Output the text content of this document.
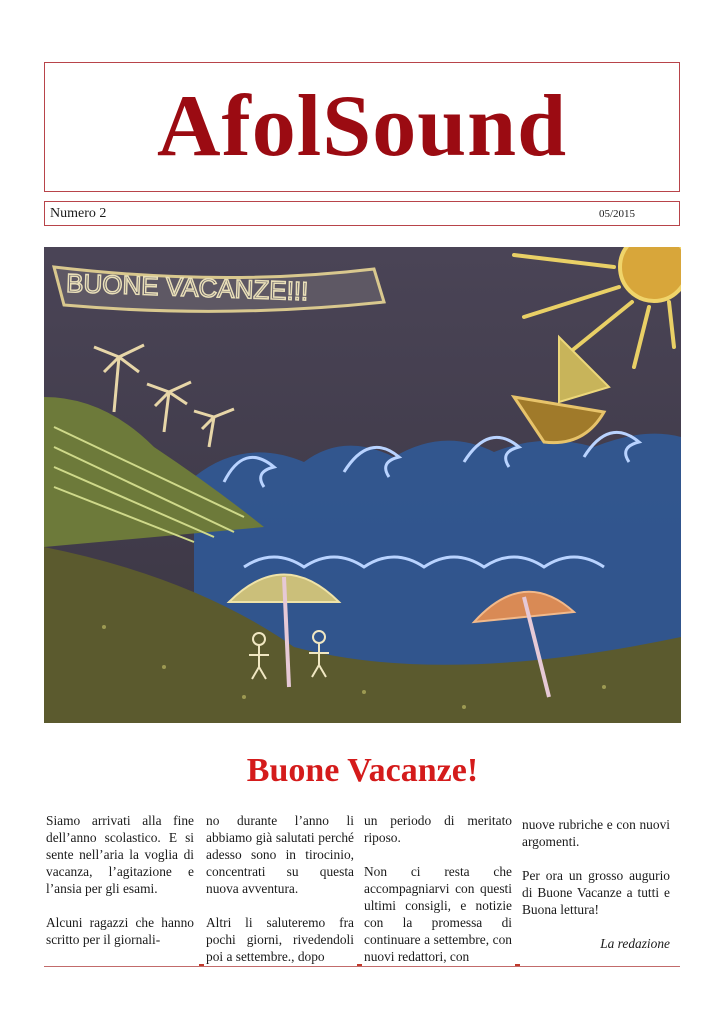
AfolSound
Numero 2	05/2015
BUONE VACANZE!!!
Buone Vacanze!

Siamo arrivati alla fine dell’anno scolastico. E si sente nell’aria la voglia di vacanza, l’agitazione e l’ansia per gli esami.

Alcuni ragazzi che hanno scritto per il giornali-

no durante l’anno li abbiamo già salutati perché adesso sono in tirocinio, concentrati su questa nuova avventura.

Altri li saluteremo fra pochi giorni, rivedendoli poi a settembre., dopo

un periodo di meritato riposo.

Non ci resta che accompagniarvi con questi ultimi consigli, e notizie con la promessa di continuare a settembre, con nuovi redattori, con

nuove rubriche e con nuovi argomenti.

Per ora un grosso augurio di Buone Vacanze a tutti e Buona lettura!

La redazione
